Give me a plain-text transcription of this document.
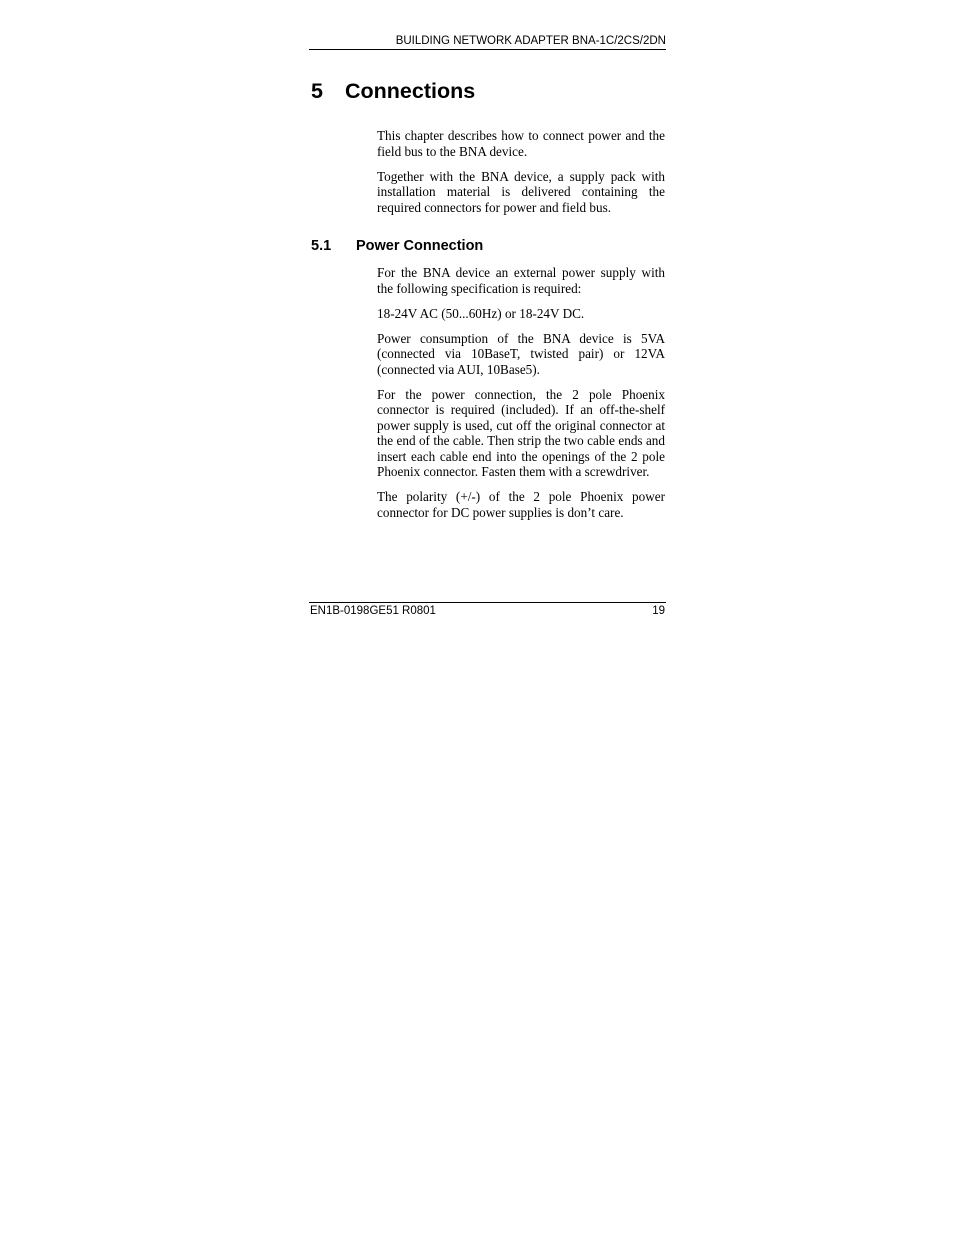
BUILDING NETWORK ADAPTER BNA-1C/2CS/2DN
5 Connections

This chapter describes how to connect power and the field bus to the BNA device.

Together with the BNA device, a supply pack with installation material is delivered containing the required connectors for power and field bus.

5.1 Power Connection

For the BNA device an external power supply with the following specification is required:

18-24V AC (50...60Hz) or 18-24V DC.

Power consumption of the BNA device is 5VA (connected via 10BaseT, twisted pair) or 12VA (connected via AUI, 10Base5).

For the power connection, the 2 pole Phoenix connector is required (included). If an off-the-shelf power supply is used, cut off the original connector at the end of the cable. Then strip the two cable ends and insert each cable end into the openings of the 2 pole Phoenix connector. Fasten them with a screwdriver.

The polarity (+/-) of the 2 pole Phoenix power connector for DC power supplies is don’t care.

EN1B-0198GE51 R0801	19
